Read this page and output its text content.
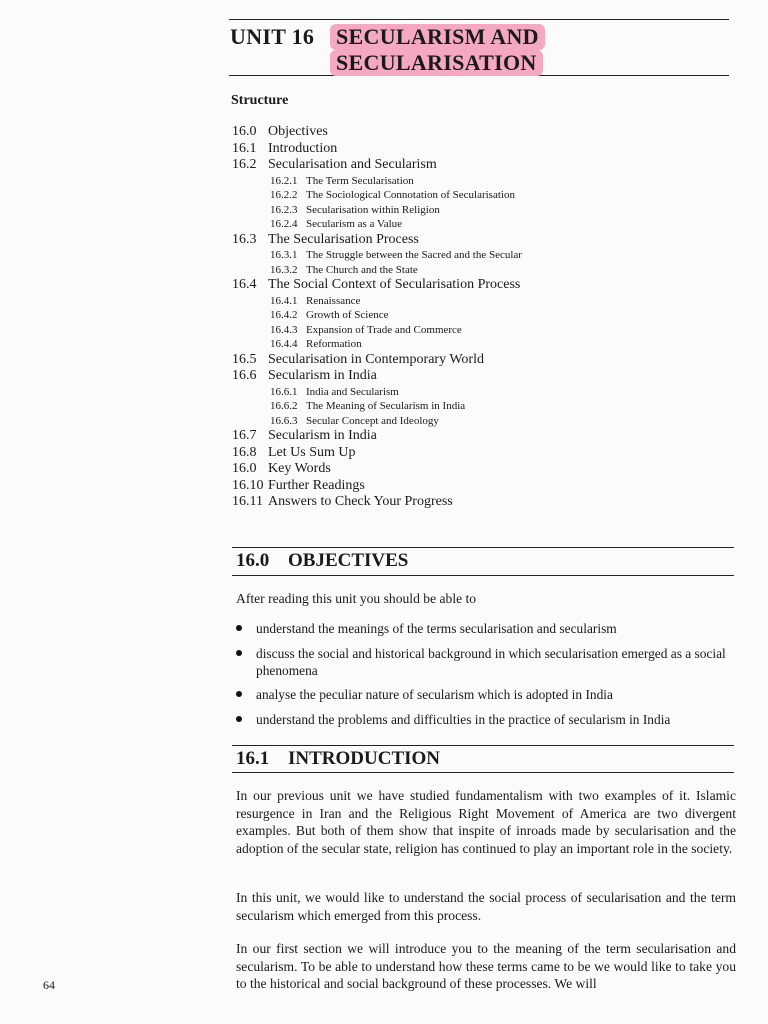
UNIT 16 SECULARISM AND
SECULARISATION
Structure
16.0 Objectives
16.1 Introduction
16.2 Secularisation and Secularism
16.2.1 The Term Secularisation
16.2.2 The Sociological Connotation of Secularisation
16.2.3 Secularisation within Religion
16.2.4 Secularism as a Value
16.3 The Secularisation Process
16.3.1 The Struggle between the Sacred and the Secular
16.3.2 The Church and the State
16.4 The Social Context of Secularisation Process
16.4.1 Renaissance
16.4.2 Growth of Science
16.4.3 Expansion of Trade and Commerce
16.4.4 Reformation
16.5 Secularisation in Contemporary World
16.6 Secularism in India
16.6.1 India and Secularism
16.6.2 The Meaning of Secularism in India
16.6.3 Secular Concept and Ideology
16.7 Secularism in India
16.8 Let Us Sum Up
16.0 Key Words
16.10 Further Readings
16.11 Answers to Check Your Progress
16.0 OBJECTIVES
After reading this unit you should be able to
understand the meanings of the terms secularisation and secularism
discuss the social and historical background in which secularisation emerged as a social phenomena
analyse the peculiar nature of secularism which is adopted in India
understand the problems and difficulties in the practice of secularism in India
16.1 INTRODUCTION
In our previous unit we have studied fundamentalism with two examples of it. Islamic resurgence in Iran and the Religious Right Movement of America are two divergent examples. But both of them show that inspite of inroads made by secularisation and the adoption of the secular state, religion has continued to play an important role in the society.
In this unit, we would like to understand the social process of secularisation and the term secularism which emerged from this process.
In our first section we will introduce you to the meaning of the term secularisation and secularism. To be able to understand how these terms came to be we would like to take you to the historical and social background of these processes. We will
64
